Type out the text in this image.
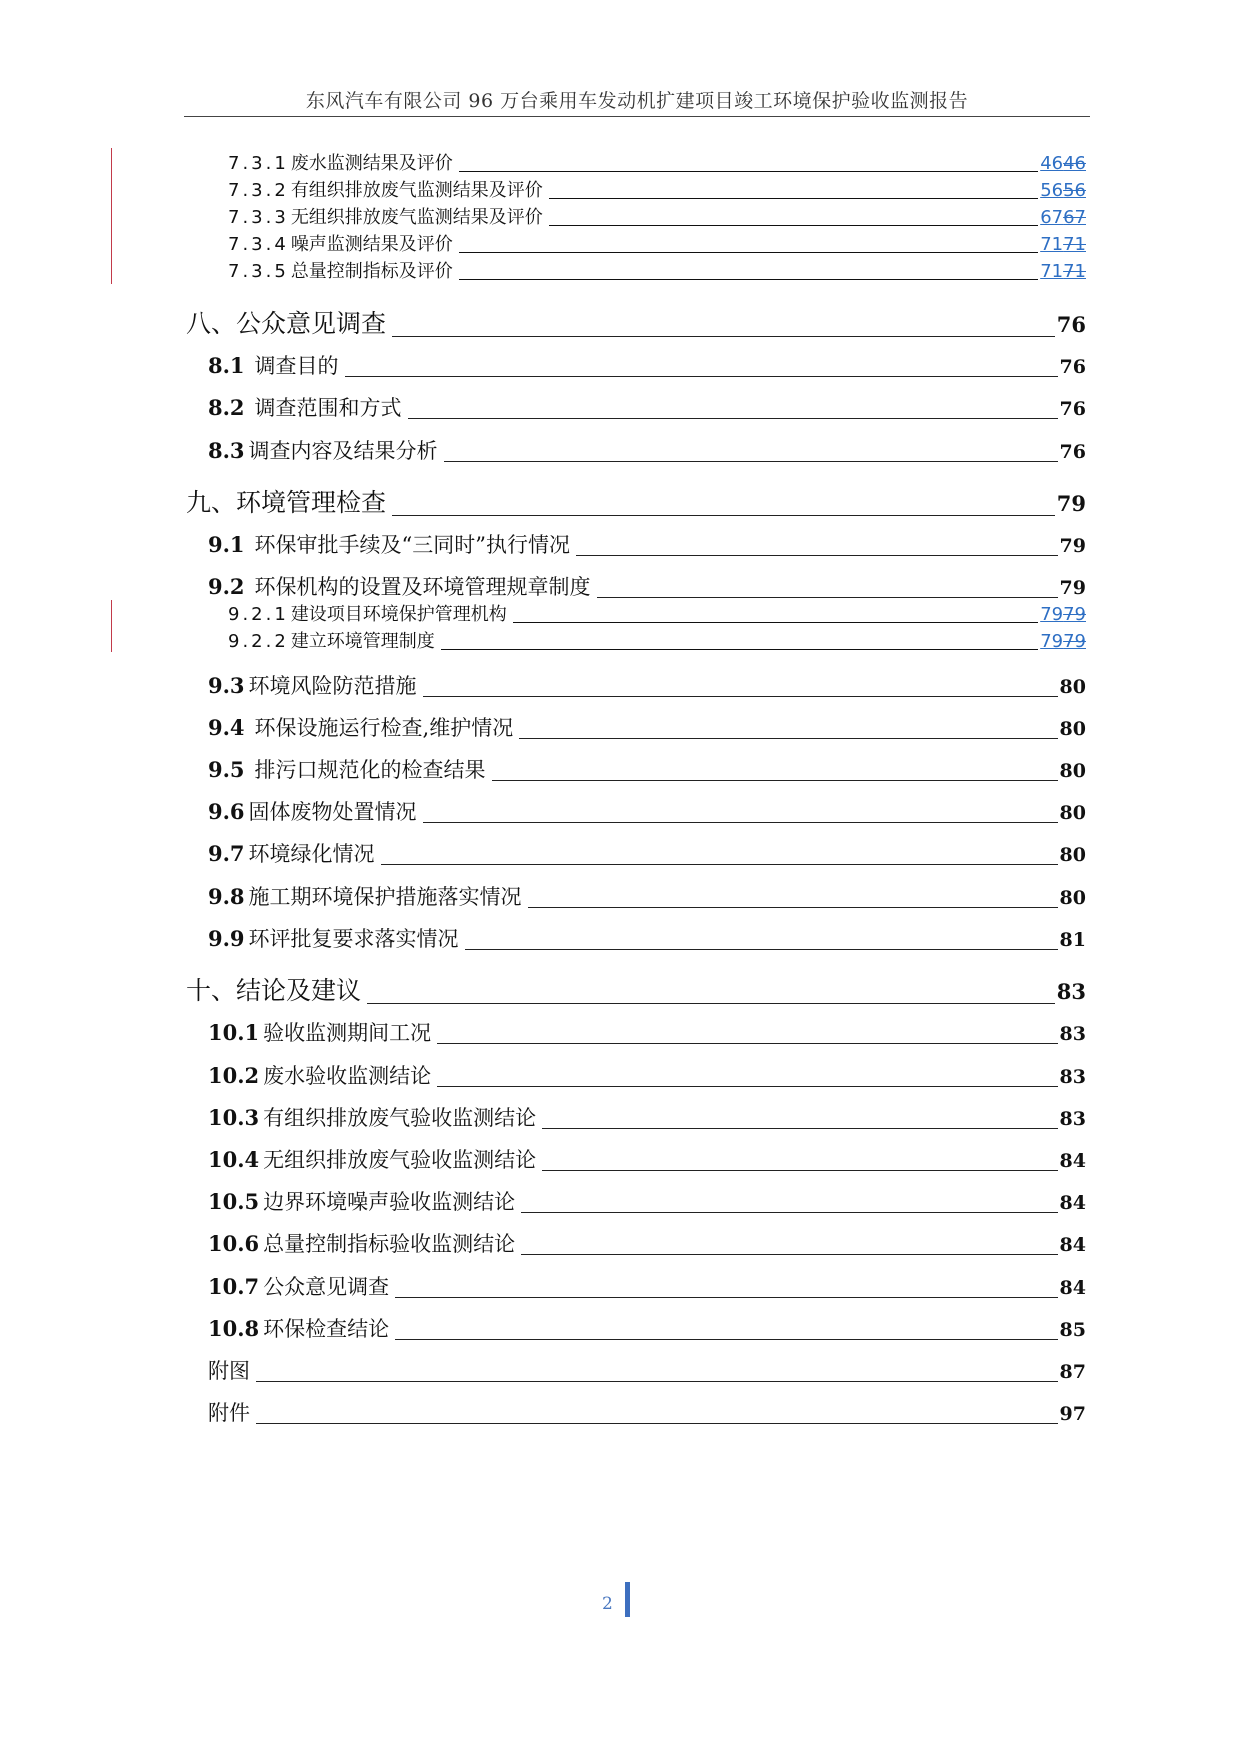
东风汽车有限公司 96 万台乘用车发动机扩建项目竣工环境保护验收监测报告
7.3.1 废水监测结果及评价	4646
7.3.2 有组织排放废气监测结果及评价	5656
7.3.3 无组织排放废气监测结果及评价	6767
7.3.4 噪声监测结果及评价	7171
7.3.5 总量控制指标及评价	7171
八、公众意见调查	76
8.1 调查目的	76
8.2 调查范围和方式	76
8.3 调查内容及结果分析	76
九、环境管理检查	79
9.1 环保审批手续及“三同时”执行情况	79
9.2 环保机构的设置及环境管理规章制度	79
9.2.1 建设项目环境保护管理机构	7979
9.2.2 建立环境管理制度	7979
9.3 环境风险防范措施	80
9.4 环保设施运行检查,维护情况	80
9.5 排污口规范化的检查结果	80
9.6 固体废物处置情况	80
9.7 环境绿化情况	80
9.8 施工期环境保护措施落实情况	80
9.9 环评批复要求落实情况	81
十、结论及建议	83
10.1 验收监测期间工况	83
10.2 废水验收监测结论	83
10.3 有组织排放废气验收监测结论	83
10.4 无组织排放废气验收监测结论	84
10.5 边界环境噪声验收监测结论	84
10.6 总量控制指标验收监测结论	84
10.7 公众意见调查	84
10.8 环保检查结论	85
附图	87
附件	97
2
